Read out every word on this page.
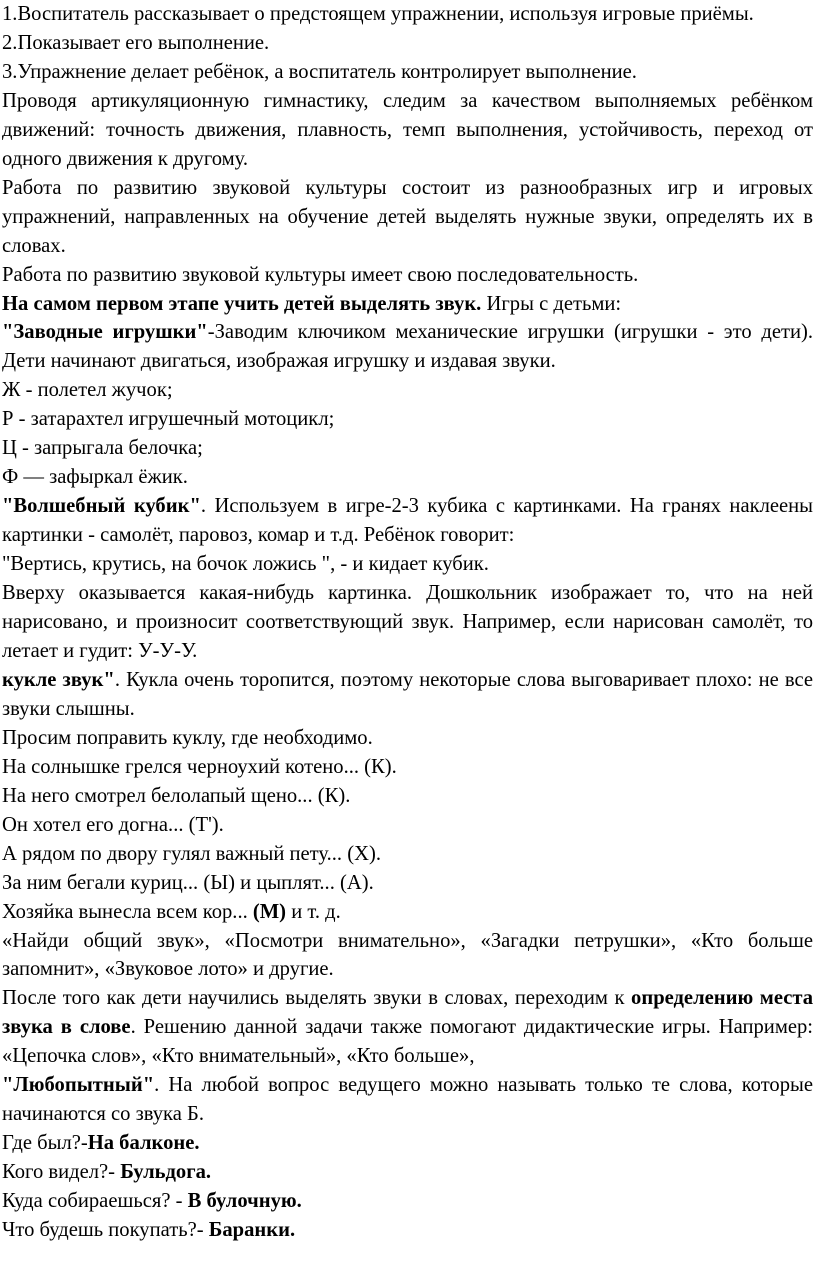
1.Воспитатель рассказывает о предстоящем упражнении, используя игровые приёмы.

2.Показывает его выполнение.

3.Упражнение делает ребёнок, а воспитатель контролирует выполнение.

Проводя артикуляционную гимнастику, следим за качеством выполняемых ребёнком движений: точность движения, плавность, темп выполнения, устойчивость, переход от одного движения к другому.

Работа по развитию звуковой культуры состоит из разнообразных игр и игровых упражнений, направленных на обучение детей выделять нужные звуки, определять их в словах.

Работа по развитию звуковой культуры имеет свою последовательность.

На самом первом этапе учить детей выделять звук. Игры с детьми:

"Заводные игрушки"-Заводим ключиком механические игрушки (игрушки - это дети). Дети начинают двигаться, изображая игрушку и издавая звуки.

Ж - полетел жучок;

Р - затарахтел игрушечный мотоцикл;

Ц - запрыгала белочка;

Ф — зафыркал ёжик.

"Волшебный кубик". Используем в игре-2-3 кубика с картинками. На гранях наклеены картинки - самолёт, паровоз, комар и т.д. Ребёнок говорит:

"Вертись, крутись, на бочок ложись ", - и кидает кубик.

Вверху оказывается какая-нибудь картинка. Дошкольник изображает то, что на ней нарисовано, и произносит соответствующий звук. Например, если нарисован самолёт, то летает и гудит: У-У-У.

кукле звук". Кукла очень торопится, поэтому некоторые слова выговаривает плохо: не все звуки слышны.

Просим поправить куклу, где необходимо.

На солнышке грелся черноухий котено... (К).

На него смотрел белолапый щено... (К).

Он хотел его догна... (Т').

А рядом по двору гулял важный пету... (Х).

За ним бегали куриц... (Ы) и цыплят... (А).

Хозяйка вынесла всем кор... (М) и т. д.

«Найди общий звук», «Посмотри внимательно», «Загадки петрушки», «Кто больше запомнит», «Звуковое лото» и другие.

После того как дети научились выделять звуки в словах, переходим к определению места звука в слове. Решению данной задачи также помогают дидактические игры. Например: «Цепочка слов», «Кто внимательный», «Кто больше»,

"Любопытный". На любой вопрос ведущего можно называть только те слова, которые начинаются со звука Б.

Где был?-На балконе.

Кого видел?- Бульдога.

Куда собираешься? - В булочную.

Что будешь покупать?- Баранки.
